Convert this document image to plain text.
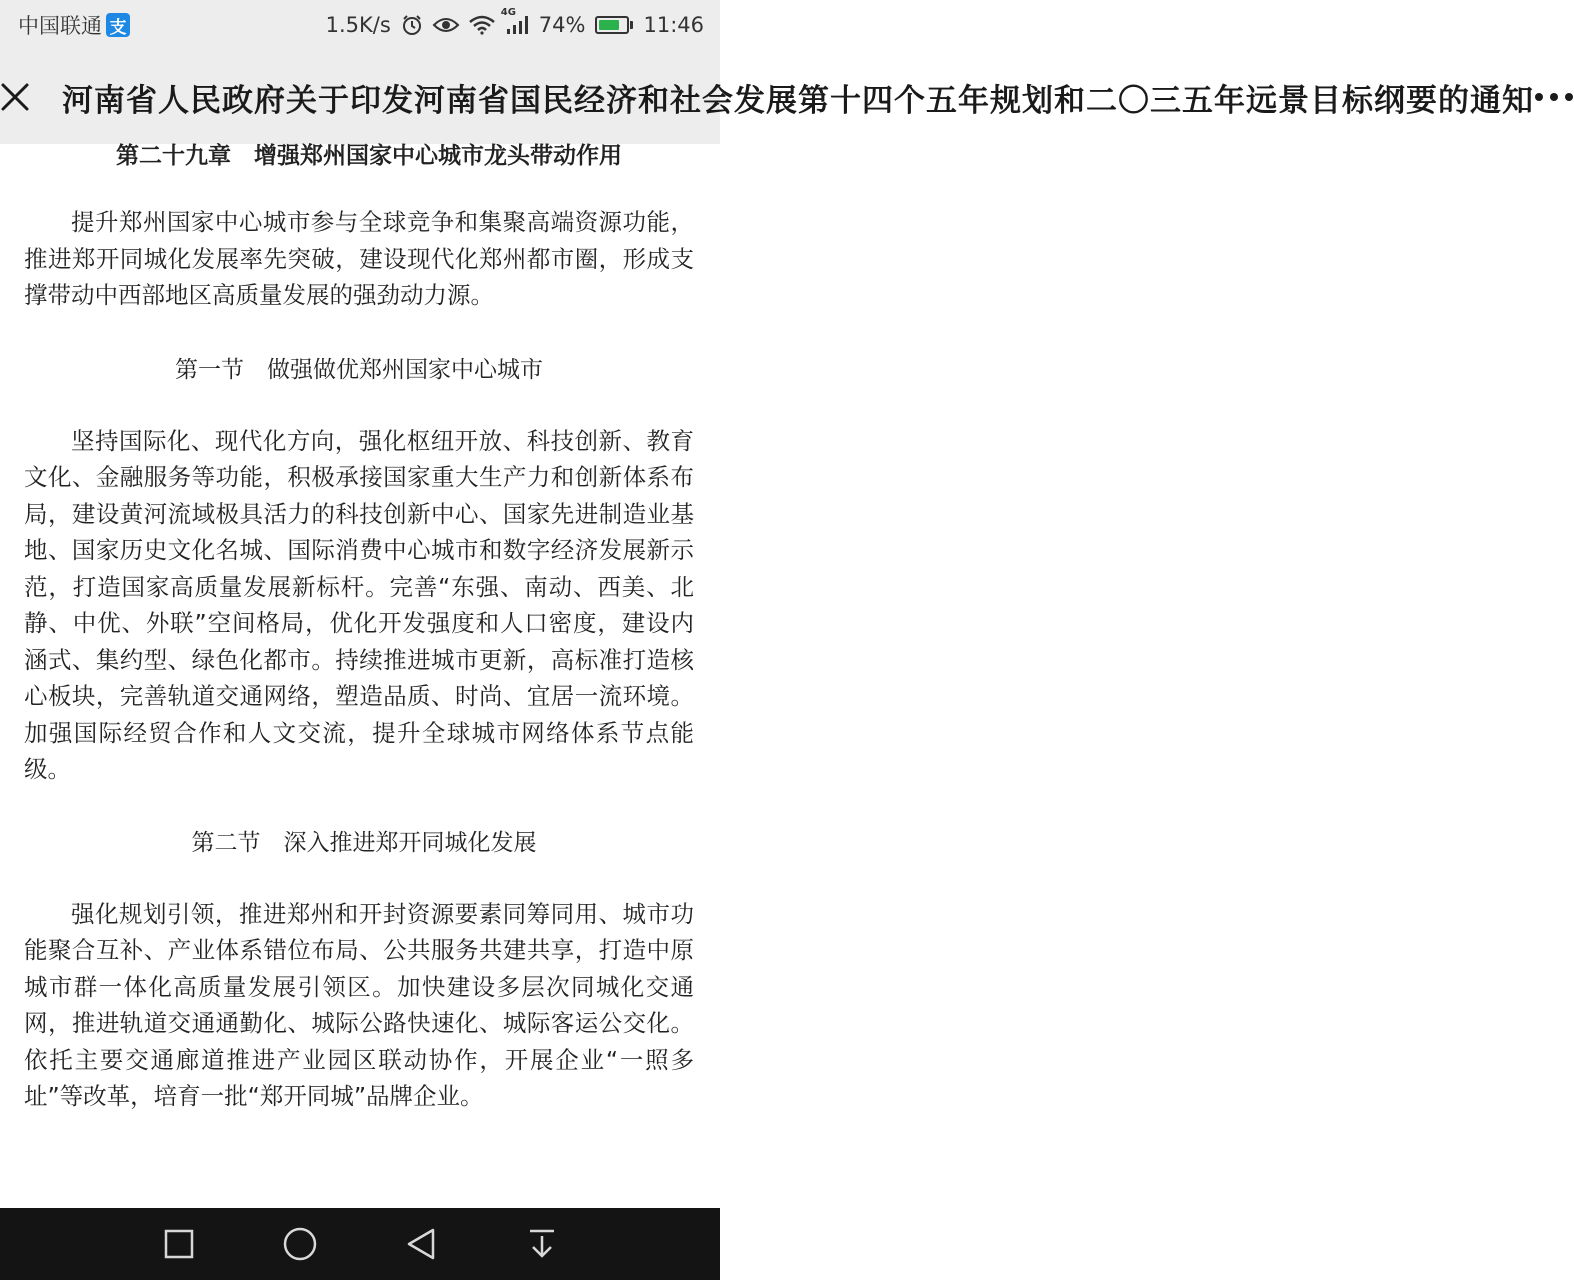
中国联通 支	1.5K/s
4G
74%	11:46
河南省人民政府关于印发河南省国民经济和社会发展第十四个五年规划和二〇三五年远景目标纲要的通知

第二十九章　增强郑州国家中心城市龙头带动作用

提升郑州国家中心城市参与全球竞争和集聚高端资源功能，推进郑开同城化发展率先突破，建设现代化郑州都市圈，形成支撑带动中西部地区高质量发展的强劲动力源。

第一节　做强做优郑州国家中心城市

坚持国际化、现代化方向，强化枢纽开放、科技创新、教育文化、金融服务等功能，积极承接国家重大生产力和创新体系布局，建设黄河流域极具活力的科技创新中心、国家先进制造业基地、国家历史文化名城、国际消费中心城市和数字经济发展新示范，打造国家高质量发展新标杆。完善“东强、南动、西美、北静、中优、外联”空间格局，优化开发强度和人口密度，建设内涵式、集约型、绿色化都市。持续推进城市更新，高标准打造核心板块，完善轨道交通网络，塑造品质、时尚、宜居一流环境。加强国际经贸合作和人文交流，提升全球城市网络体系节点能级。

第二节　深入推进郑开同城化发展

强化规划引领，推进郑州和开封资源要素同筹同用、城市功能聚合互补、产业体系错位布局、公共服务共建共享，打造中原城市群一体化高质量发展引领区。加快建设多层次同城化交通网，推进轨道交通通勤化、城际公路快速化、城际客运公交化。依托主要交通廊道推进产业园区联动协作，开展企业“一照多址”等改革，培育一批“郑开同城”品牌企业。
